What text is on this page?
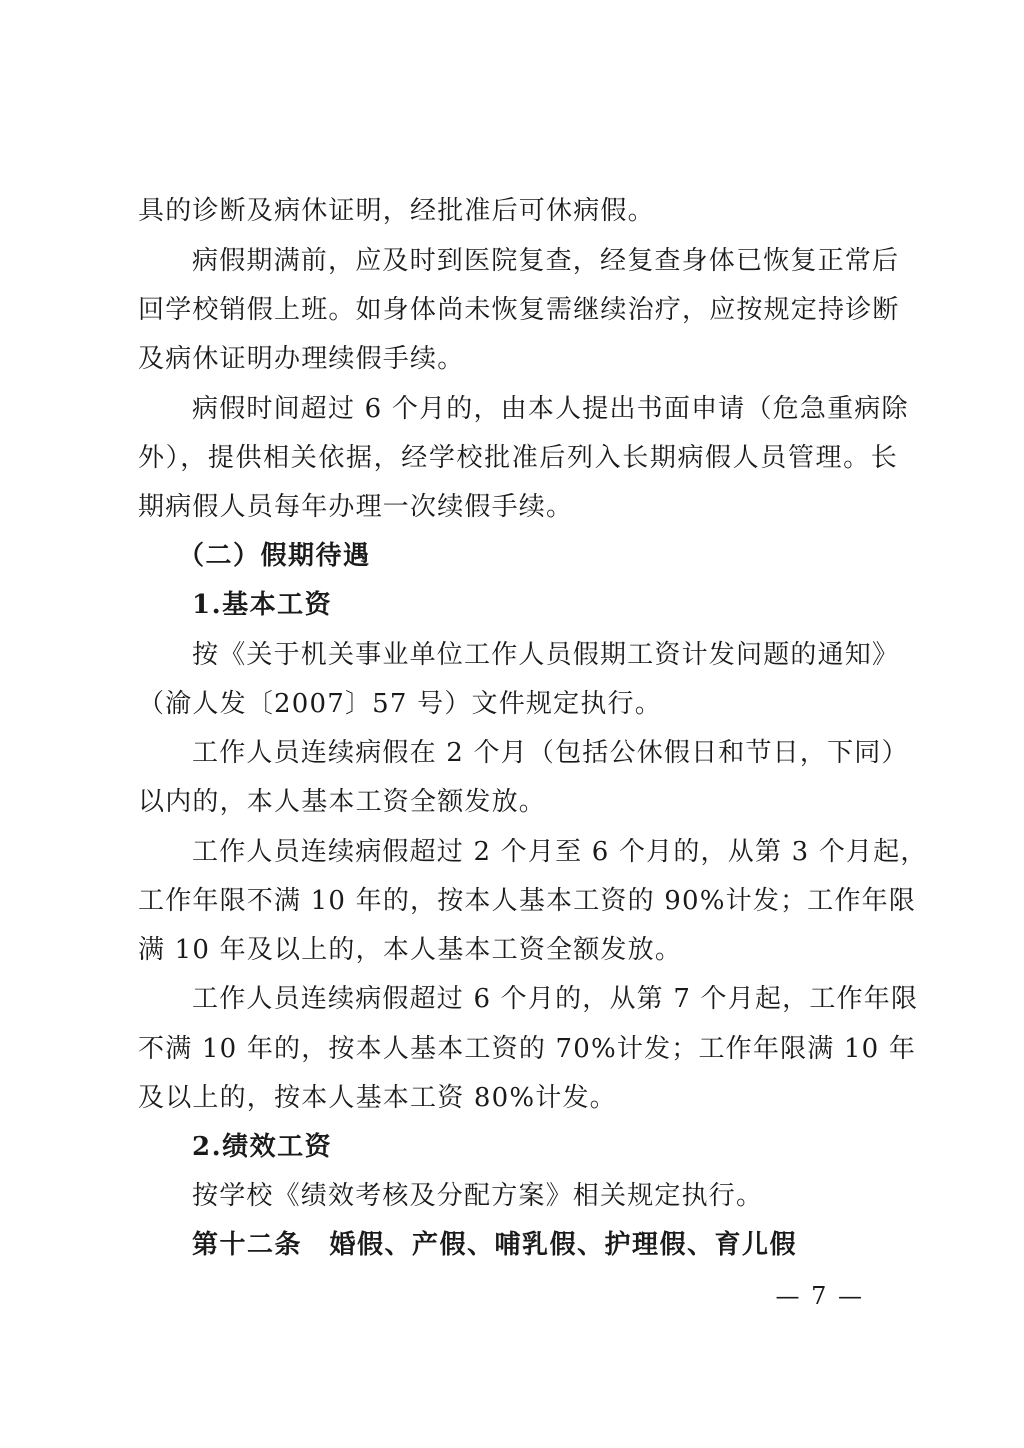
具的诊断及病休证明，经批准后可休病假。
病假期满前，应及时到医院复查，经复查身体已恢复正常后
回学校销假上班。如身体尚未恢复需继续治疗，应按规定持诊断
及病休证明办理续假手续。
病假时间超过 6 个月的，由本人提出书面申请（危急重病除
外），提供相关依据，经学校批准后列入长期病假人员管理。长
期病假人员每年办理一次续假手续。
（二）假期待遇
1.基本工资
按《关于机关事业单位工作人员假期工资计发问题的通知》
（渝人发〔2007〕57 号）文件规定执行。
工作人员连续病假在 2 个月（包括公休假日和节日，下同）
以内的，本人基本工资全额发放。
工作人员连续病假超过 2 个月至 6 个月的，从第 3 个月起，
工作年限不满 10 年的，按本人基本工资的 90%计发；工作年限
满 10 年及以上的，本人基本工资全额发放。
工作人员连续病假超过 6 个月的，从第 7 个月起，工作年限
不满 10 年的，按本人基本工资的 70%计发；工作年限满 10 年
及以上的，按本人基本工资 80%计发。
2.绩效工资
按学校《绩效考核及分配方案》相关规定执行。
第十二条　婚假、产假、哺乳假、护理假、育儿假
— 7 —
